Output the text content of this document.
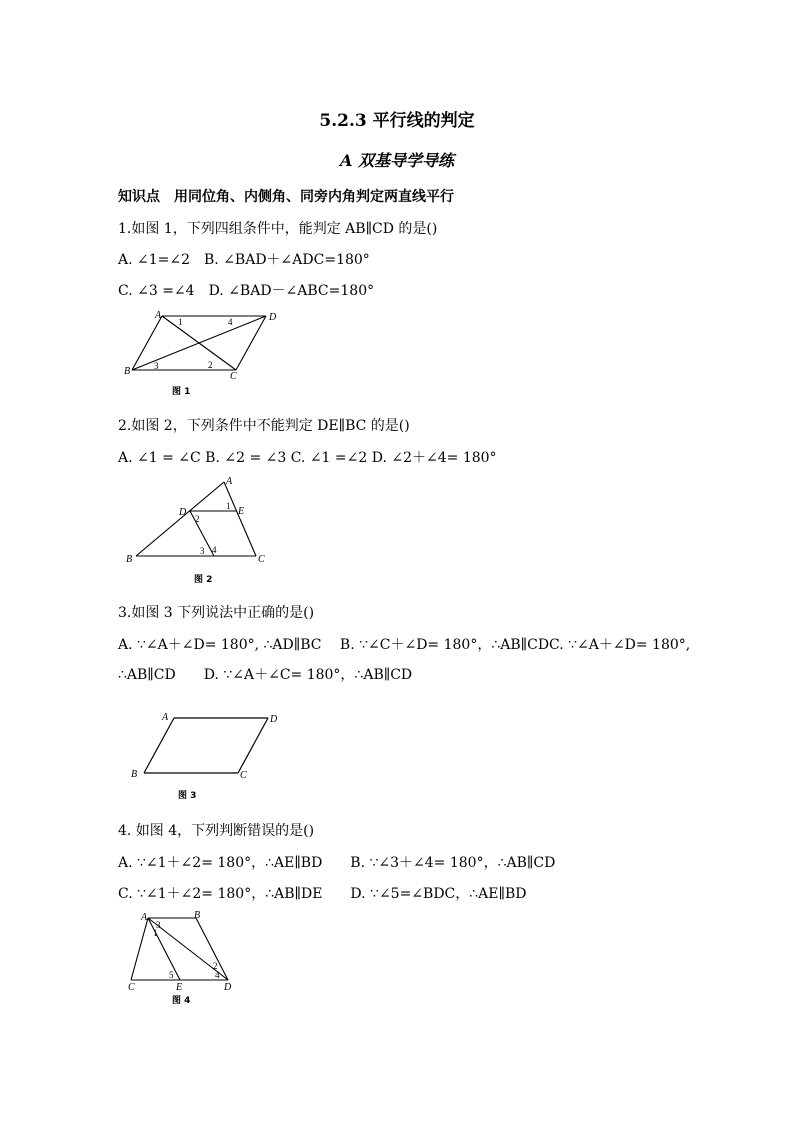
5.2.3 平行线的判定
A 双基导学导练
知识点　用同位角、内侧角、同旁内角判定两直线平行
1.如图 1，下列四组条件中，能判定 AB∥CD 的是()
A. ∠1=∠2　B. ∠BAD＋∠ADC=180°
C. ∠3 =∠4　D. ∠BAD－∠ABC=180°
A	D
B	C
1
2
3
4
图 1
2.如图 2，下列条件中不能判定 DE∥BC 的是()
A. ∠1 = ∠C B. ∠2 = ∠3 C. ∠1 =∠2 D. ∠2＋∠4= 180°
A
D	E
B	C
1
2
3 4
图 2
3.如图 3 下列说法中正确的是()
A. ∵∠A＋∠D= 180°, ∴AD∥BC　 B. ∵∠C＋∠D= 180°，∴AB∥CDC. ∵∠A＋∠D= 180°,
∴AB∥CD　　D. ∵∠A＋∠C= 180°，∴AB∥CD
A	D
B	C
图 3
4. 如图 4，下列判断错误的是()
A. ∵∠1＋∠2= 180°，∴AE∥BD　　B. ∵∠3＋∠4= 180°，∴AB∥CD
C. ∵∠1＋∠2= 180°，∴AB∥DE　　D. ∵∠5=∠BDC，∴AE∥BD
A	B
C	E	D
1
2
3
4
5
图 4
